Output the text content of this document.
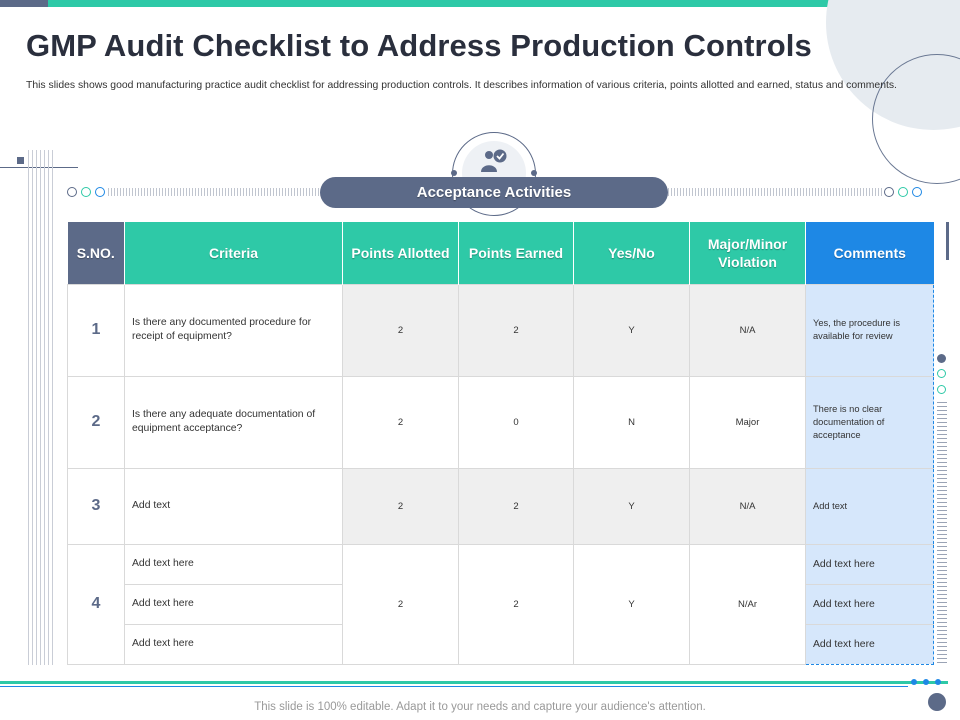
GMP Audit Checklist to Address Production Controls

This slides shows good manufacturing practice audit checklist for addressing production controls. It describes information of various criteria, points allotted and earned, status and comments.

Acceptance Activities
S.NO.	Criteria	Points Allotted	Points Earned	Yes/No	Major/Minor Violation	Comments
1	Is there any documented procedure for receipt of equipment?	2	2	Y	N/A	Yes, the procedure is available for review
2	Is there any adequate documentation of equipment acceptance?	2	0	N	Major	There is no clear documentation of acceptance
3	Add text	2	2	Y	N/A	Add text
4	Add text here	2	2	Y	N/Ar	Add text here
	Add text here					Add text here
	Add text here					Add text here
This slide is 100% editable. Adapt it to your needs and capture your audience's attention.
